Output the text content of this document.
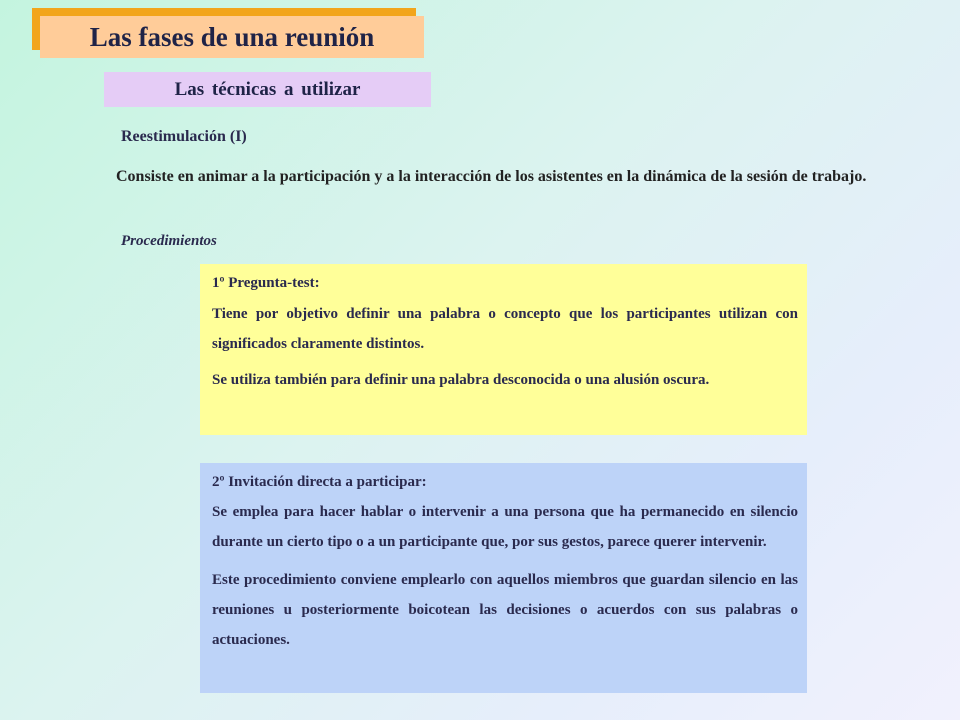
Las fases de una reunión
Las técnicas a utilizar
Reestimulación (I)
Consiste en animar a la participación y a la interacción de los asistentes en la dinámica de la sesión de trabajo.
Procedimientos

1º Pregunta-test:

Tiene por objetivo definir una palabra o concepto que los participantes utilizan con significados claramente distintos.

Se utiliza también para definir una palabra desconocida o una alusión oscura.

2º Invitación directa a participar:

Se emplea para hacer hablar o intervenir a una persona que ha permanecido en silencio durante un cierto tipo o a un participante que, por sus gestos, parece querer intervenir.

Este procedimiento conviene emplearlo con aquellos miembros que guardan silencio en las reuniones u posteriormente boicotean las decisiones o acuerdos con sus palabras o actuaciones.
